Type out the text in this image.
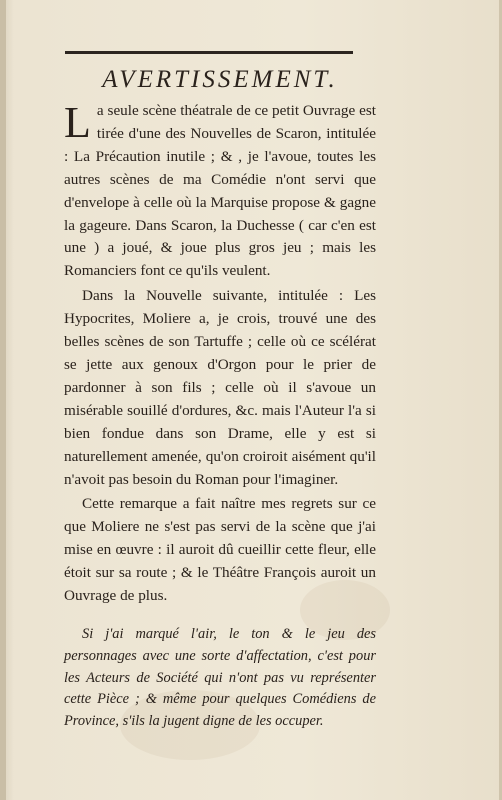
AVERTISSEMENT.

La seule scène théatrale de ce petit Ouvrage est tirée d'une des Nouvelles de Scaron, intitulée : La Précaution inutile ; & , je l'avoue, toutes les autres scènes de ma Comédie n'ont servi que d'envelope à celle où la Marquise propose & gagne la gageure. Dans Scaron, la Duchesse ( car c'en est une ) a joué, & joue plus gros jeu ; mais les Romanciers font ce qu'ils veulent.

Dans la Nouvelle suivante, intitulée : Les Hypocrites, Moliere a, je crois, trouvé une des belles scènes de son Tartuffe ; celle où ce scélérat se jette aux genoux d'Orgon pour le prier de pardonner à son fils ; celle où il s'avoue un misérable souillé d'ordures, &c. mais l'Auteur l'a si bien fondue dans son Drame, elle y est si naturellement amenée, qu'on croiroit aisément qu'il n'avoit pas besoin du Roman pour l'imaginer.

Cette remarque a fait naître mes regrets sur ce que Moliere ne s'est pas servi de la scène que j'ai mise en œuvre : il auroit dû cueillir cette fleur, elle étoit sur sa route ; & le Théâtre François auroit un Ouvrage de plus.

Si j'ai marqué l'air, le ton & le jeu des personnages avec une sorte d'affectation, c'est pour les Acteurs de Société qui n'ont pas vu représenter cette Pièce ; & même pour quelques Comédiens de Province, s'ils la jugent digne de les occuper.
